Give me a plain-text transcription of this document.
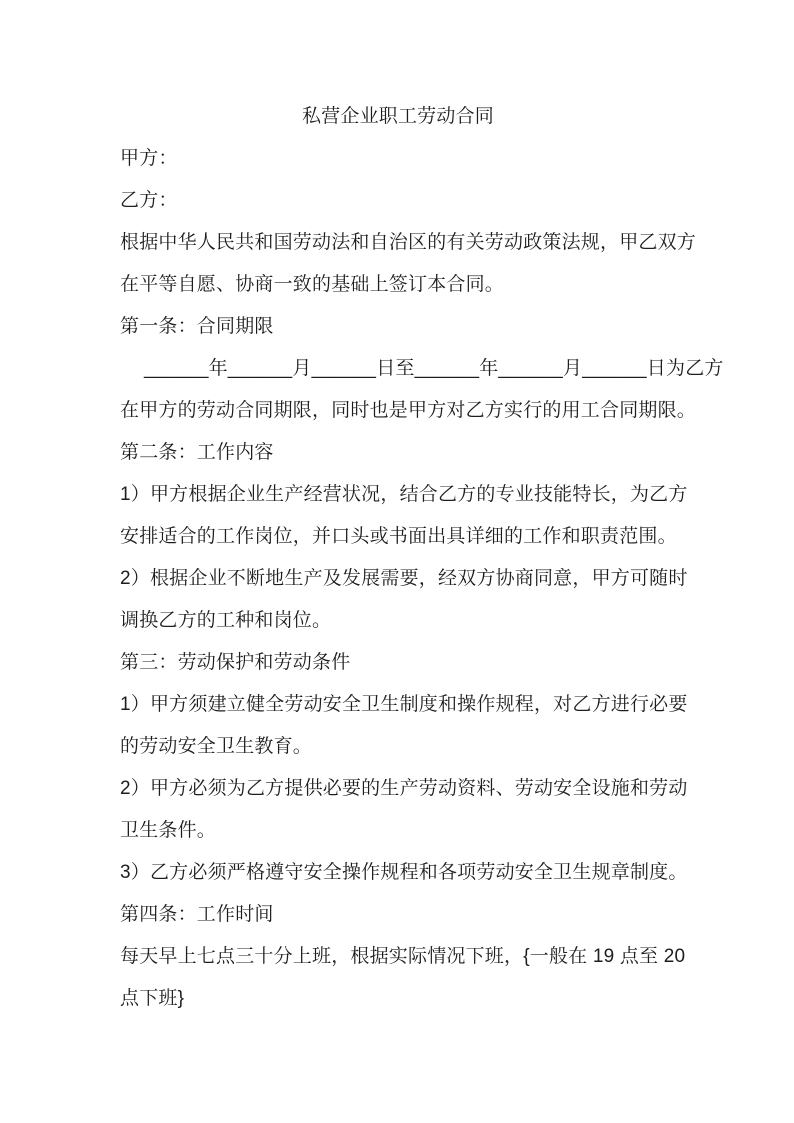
私营企业职工劳动合同
甲方：
乙方：
根据中华人民共和国劳动法和自治区的有关劳动政策法规，甲乙双方
在平等自愿、协商一致的基础上签订本合同。
第一条：合同期限
______年______月______日至______年______月______日为乙方
在甲方的劳动合同期限，同时也是甲方对乙方实行的用工合同期限。
第二条：工作内容
1）甲方根据企业生产经营状况，结合乙方的专业技能特长，为乙方
安排适合的工作岗位，并口头或书面出具详细的工作和职责范围。
2）根据企业不断地生产及发展需要，经双方协商同意，甲方可随时
调换乙方的工种和岗位。
第三：劳动保护和劳动条件
1）甲方须建立健全劳动安全卫生制度和操作规程，对乙方进行必要
的劳动安全卫生教育。
2）甲方必须为乙方提供必要的生产劳动资料、劳动安全设施和劳动
卫生条件。
3）乙方必须严格遵守安全操作规程和各项劳动安全卫生规章制度。
第四条：工作时间
每天早上七点三十分上班，根据实际情况下班，{一般在 19 点至 20
点下班}
